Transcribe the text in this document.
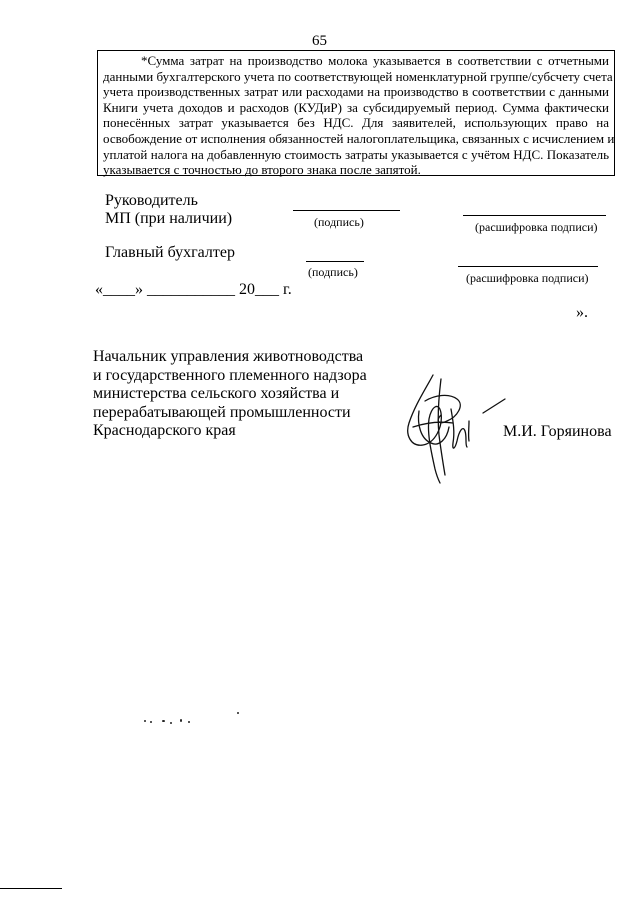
65
*Сумма затрат на производство молока указывается в соответствии с отчетными
данными бухгалтерского учета по соответствующей номенклатурной группе/субсчету счета
учета производственных затрат или расходами на производство в соответствии с данными
Книги учета доходов и расходов (КУДиР) за субсидируемый период. Сумма фактически
понесённых затрат указывается без НДС. Для заявителей, использующих право на
освобождение от исполнения обязанностей налогоплательщика, связанных с исчислением и
уплатой налога на добавленную стоимость затраты указывается с учётом НДС. Показатель
указывается с точностью до второго знака после запятой.
Руководитель
МП (при наличии)	(подпись)	(расшифровка подписи)
Главный бухгалтер
(подпись)	(расшифровка подписи)
«____» ___________ 20___ г.
».
Начальник управления животноводства
и государственного племенного надзора
министерства сельского хозяйства и
перерабатывающей промышленности
Краснодарского края	М.И. Горяинова
